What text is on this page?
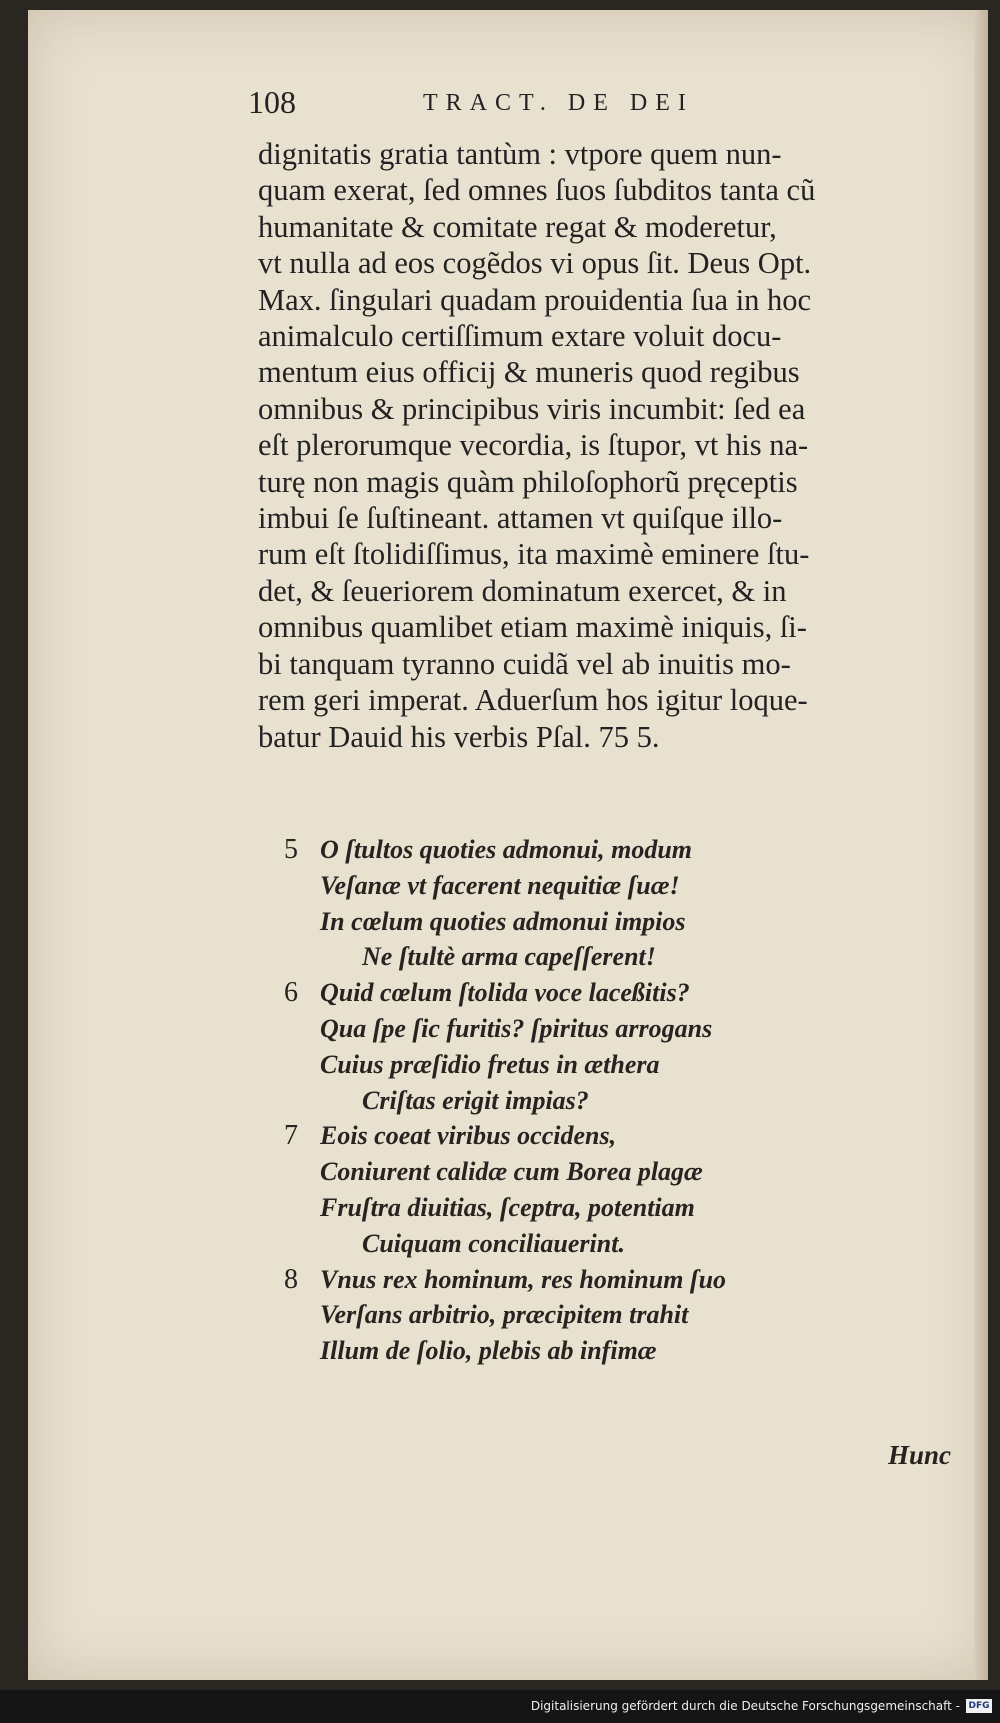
108	TRACT. DE DEI
dignitatis gratia tantùm : vtpore quem nun-
quam exerat, ſed omnes ſuos ſubditos tanta cũ
humanitate & comitate regat & moderetur,
vt nulla ad eos cogẽdos vi opus ſit. Deus Opt.
Max. ſingulari quadam prouidentia ſua in hoc
animalculo certiſſimum extare voluit docu-
mentum eius officij & muneris quod regibus
omnibus & principibus viris incumbit: ſed ea
eſt plerorumque vecordia, is ſtupor, vt his na-
turę non magis quàm philoſophorũ pręceptis
imbui ſe ſuſtineant. attamen vt quiſque illo-
rum eſt ſtolidiſſimus, ita maximè eminere ſtu-
det, & ſeueriorem dominatum exercet, & in
omnibus quamlibet etiam maximè iniquis, ſi-
bi tanquam tyranno cuidã vel ab inuitis mo-
rem geri imperat. Aduerſum hos igitur loque-
batur Dauid his verbis Pſal. 75 5.
5 O ſtultos quoties admonui, modum
Veſanæ vt facerent nequitiæ ſuæ!
In cœlum quoties admonui impios
Ne ſtultè arma capeſſerent!
6 Quid cœlum ſtolida voce laceßitis?
Qua ſpe ſic furitis? ſpiritus arrogans
Cuius præſidio fretus in æthera
Criſtas erigit impias?
7 Eois coeat viribus occidens,
Coniurent calidæ cum Borea plagæ
Fruſtra diuitias, ſceptra, potentiam
Cuiquam conciliauerint.
8 Vnus rex hominum, res hominum ſuo
Verſans arbitrio, præcipitem trahit
Illum de ſolio, plebis ab infimæ
Hunc
Digitalisierung gefördert durch die Deutsche Forschungsgemeinschaft - DFG
